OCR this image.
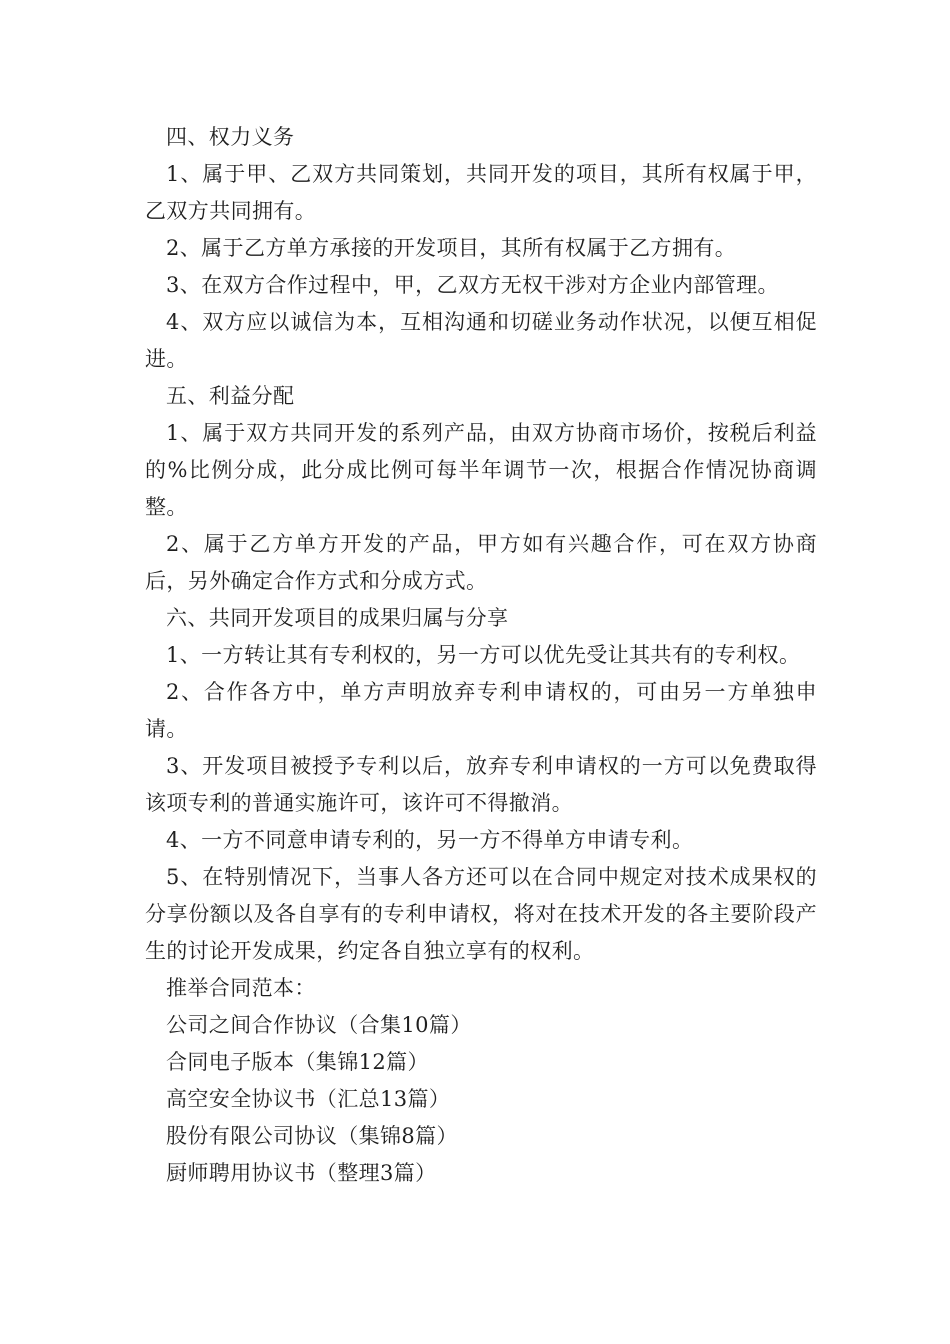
四、权力义务

1、属于甲、乙双方共同策划，共同开发的项目，其所有权属于甲，乙双方共同拥有。

2、属于乙方单方承接的开发项目，其所有权属于乙方拥有。

3、在双方合作过程中，甲，乙双方无权干涉对方企业内部管理。

4、双方应以诚信为本，互相沟通和切磋业务动作状况，以便互相促进。

五、利益分配

1、属于双方共同开发的系列产品，由双方协商市场价，按税后利益的%比例分成，此分成比例可每半年调节一次，根据合作情况协商调整。

2、属于乙方单方开发的产品，甲方如有兴趣合作，可在双方协商后，另外确定合作方式和分成方式。

六、共同开发项目的成果归属与分享

1、一方转让其有专利权的，另一方可以优先受让其共有的专利权。

2、合作各方中，单方声明放弃专利申请权的，可由另一方单独申请。

3、开发项目被授予专利以后，放弃专利申请权的一方可以免费取得该项专利的普通实施许可，该许可不得撤消。

4、一方不同意申请专利的，另一方不得单方申请专利。

5、在特别情况下，当事人各方还可以在合同中规定对技术成果权的分享份额以及各自享有的专利申请权，将对在技术开发的各主要阶段产生的讨论开发成果，约定各自独立享有的权利。

推举合同范本：

公司之间合作协议（合集10篇）

合同电子版本（集锦12篇）

高空安全协议书（汇总13篇）

股份有限公司协议（集锦8篇）

厨师聘用协议书（整理3篇）
